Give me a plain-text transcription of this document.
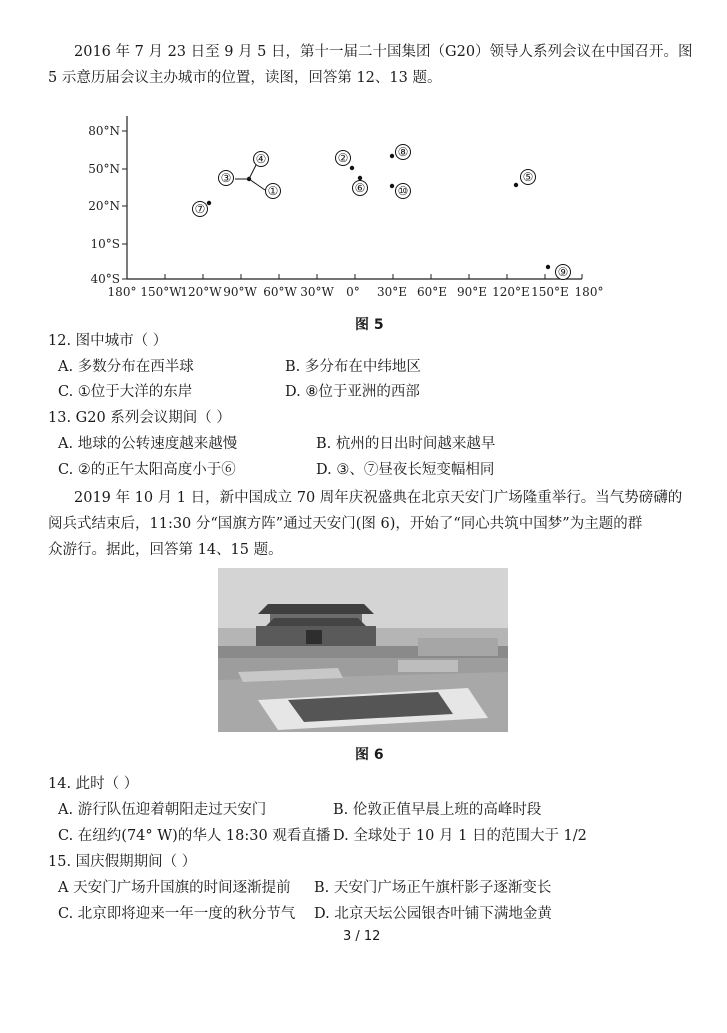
2016 年 7 月 23 日至 9 月 5 日，第十一届二十国集团（G20）领导人系列会议在中国召开。图
5 示意历届会议主办城市的位置，读图，回答第 12、13 题。
80°N
50°N
20°N
10°S
40°S
180° 150°W
120°W 90°W 60°W 30°W 0° 30°E 60°E 90°E 120°E 150°E 180°
①
②
③
④
⑤
⑥
⑦
⑧
⑨
⑩
图 5
12. 图中城市（ ）
A. 多数分布在西半球	B. 多分布在中纬地区
C. ①位于大洋的东岸	D. ⑧位于亚洲的西部
13. G20 系列会议期间（ ）
A. 地球的公转速度越来越慢	B. 杭州的日出时间越来越早
C. ②的正午太阳高度小于⑥	D. ③、⑦昼夜长短变幅相同
2019 年 10 月 1 日，新中国成立 70 周年庆祝盛典在北京天安门广场隆重举行。当气势磅礴的
阅兵式结束后，11:30 分“国旗方阵”通过天安门(图 6)，开始了“同心共筑中国梦”为主题的群
众游行。据此，回答第 14、15 题。
图 6
14. 此时（ ）
A. 游行队伍迎着朝阳走过天安门	B. 伦敦正值早晨上班的高峰时段
C. 在纽约(74° W)的华人 18:30 观看直播 D. 全球处于 10 月 1 日的范围大于 1/2
15. 国庆假期期间（ ）
A 天安门广场升国旗的时间逐渐提前 B. 天安门广场正午旗杆影子逐渐变长
C. 北京即将迎来一年一度的秋分节气 D. 北京天坛公园银杏叶铺下满地金黄
3 / 12
